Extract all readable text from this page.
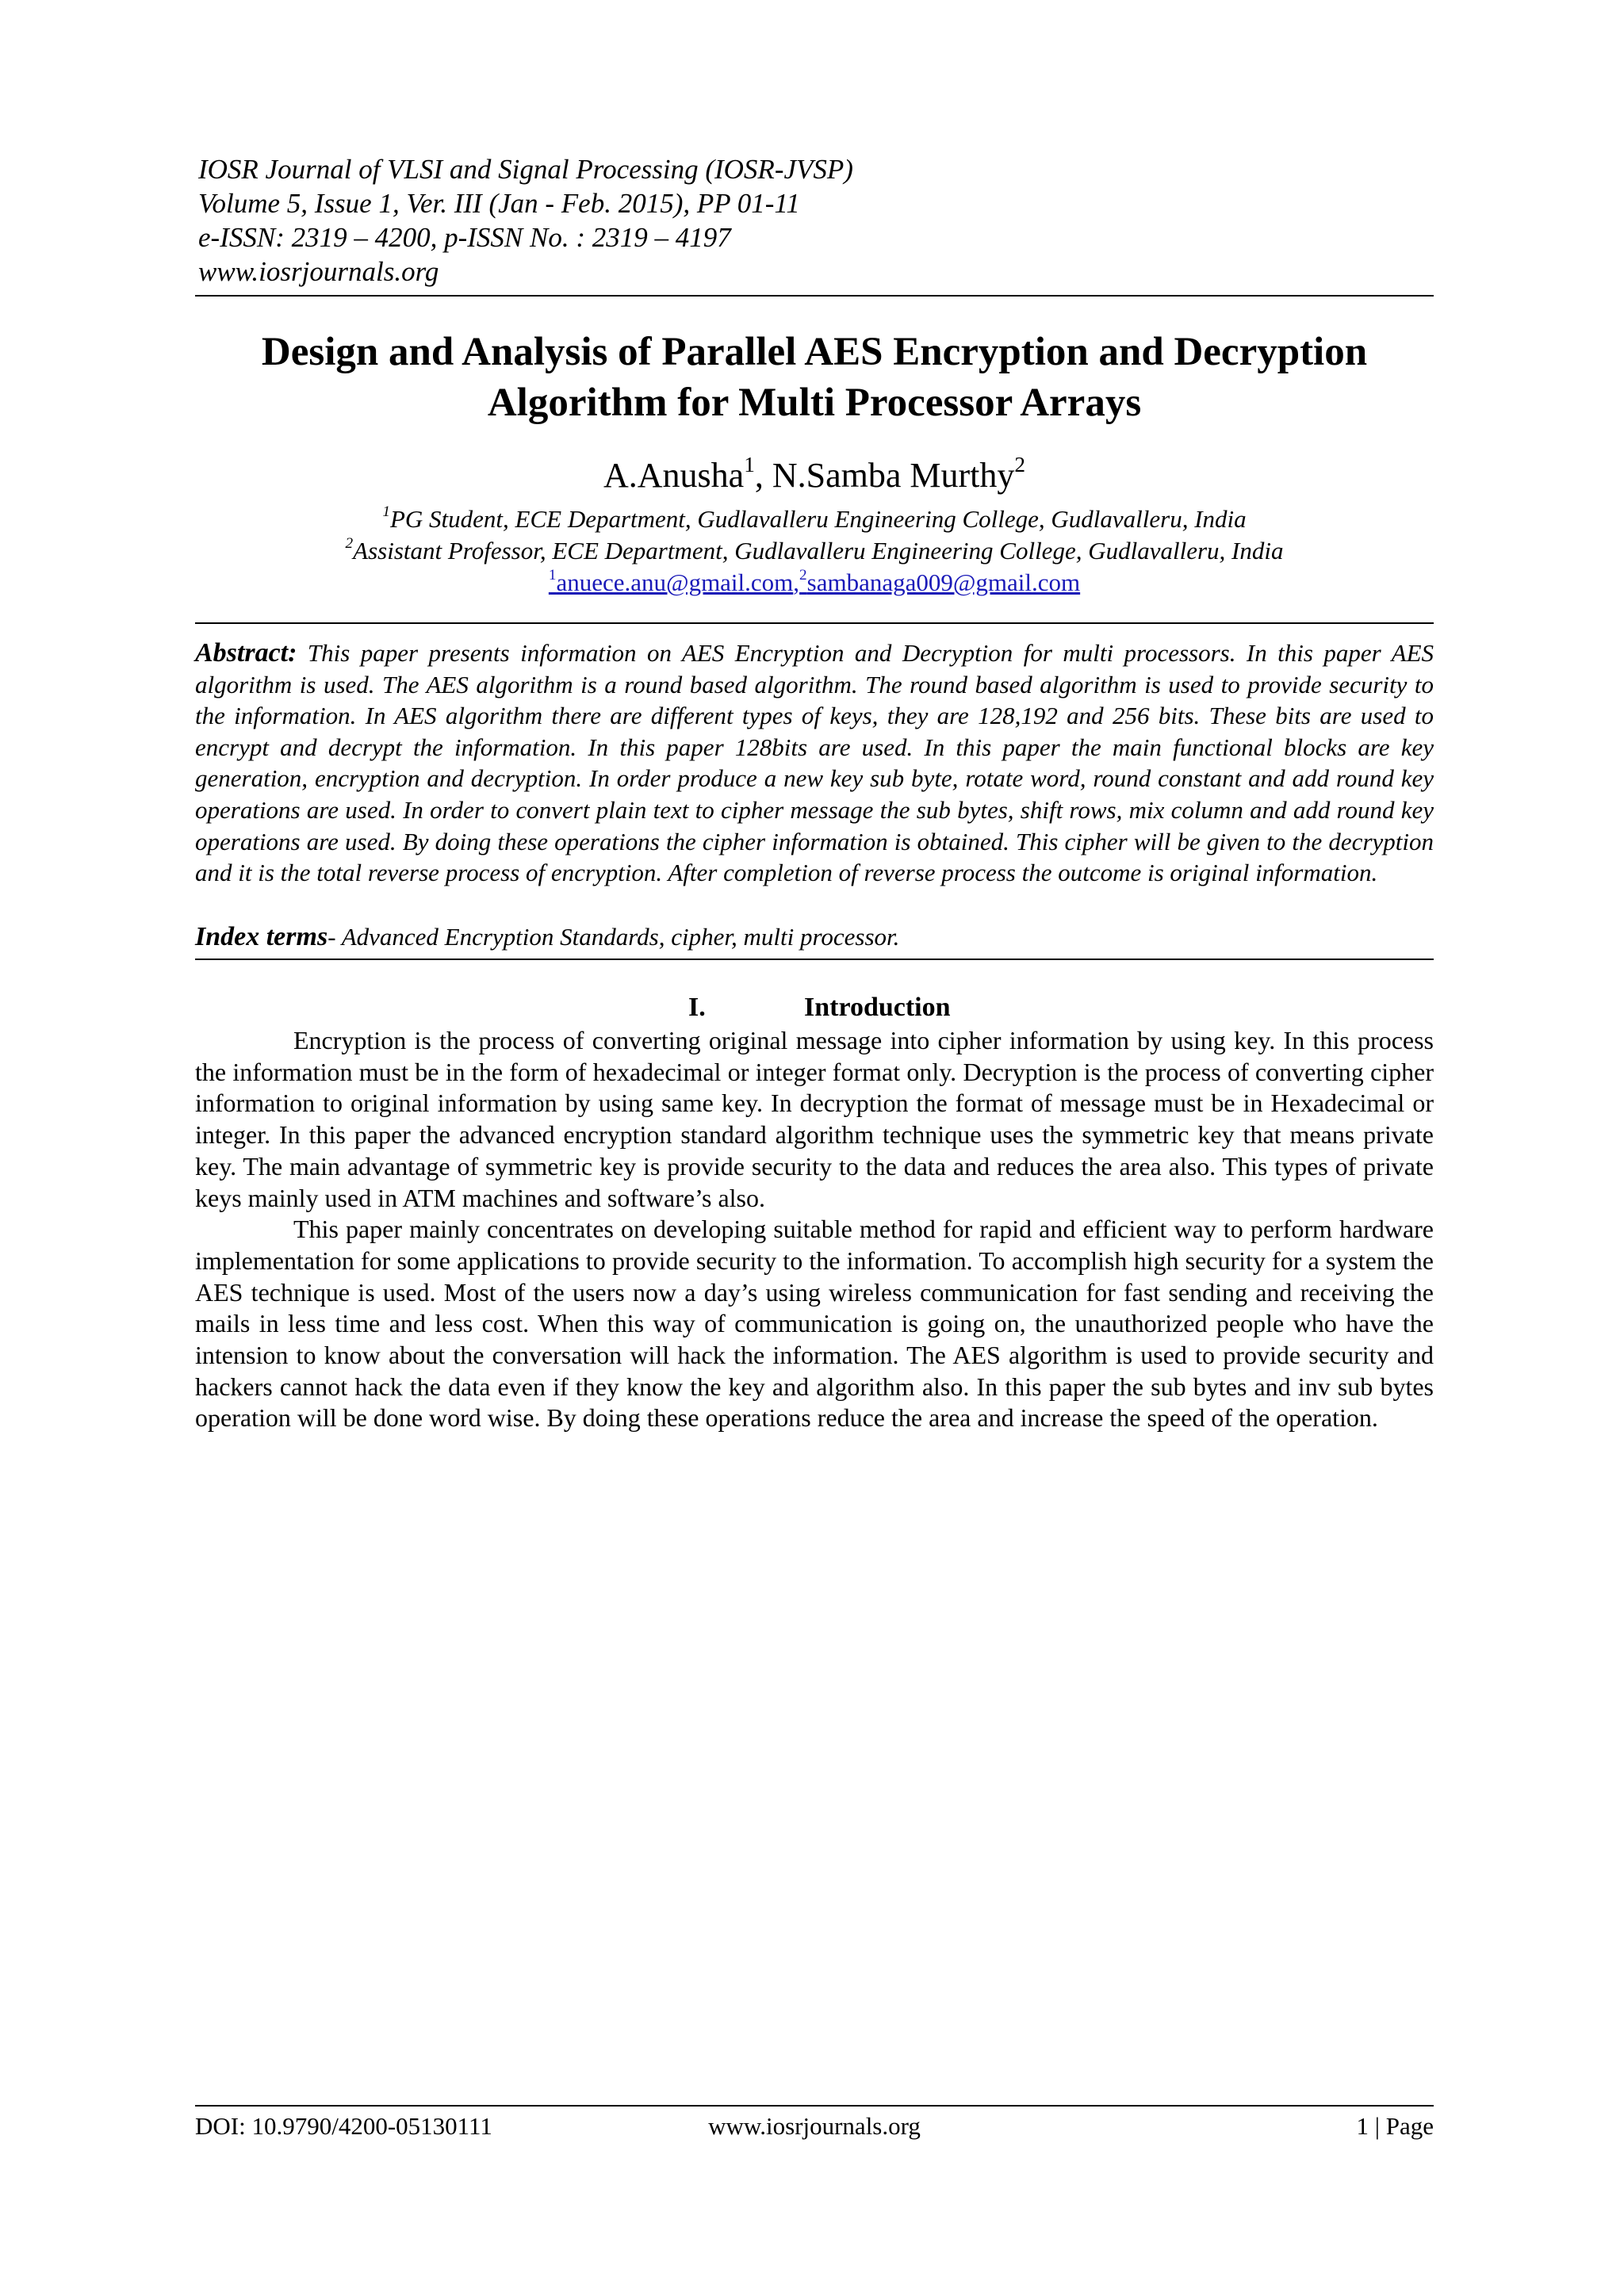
IOSR Journal of VLSI and Signal Processing (IOSR-JVSP)
Volume 5, Issue 1, Ver. III (Jan - Feb. 2015), PP 01-11
e-ISSN: 2319 – 4200, p-ISSN No. : 2319 – 4197
www.iosrjournals.org
Design and Analysis of Parallel AES Encryption and Decryption
Algorithm for Multi Processor Arrays
A.Anusha$^1$, N.Samba Murthy$^2$
$^1$PG Student, ECE Department, Gudlavalleru Engineering College, Gudlavalleru, India
$^2$Assistant Professor, ECE Department, Gudlavalleru Engineering College, Gudlavalleru, India
$^1$anuece.anu@gmail.com,$^2$sambanaga009@gmail.com
Abstract: This paper presents information on AES Encryption and Decryption for multi processors. In this paper AES algorithm is used. The AES algorithm is a round based algorithm. The round based algorithm is used to provide security to the information. In AES algorithm there are different types of keys, they are 128,192 and 256 bits. These bits are used to encrypt and decrypt the information. In this paper 128bits are used. In this paper the main functional blocks are key generation, encryption and decryption. In order produce a new key sub byte, rotate word, round constant and add round key operations are used. In order to convert plain text to cipher message the sub bytes, shift rows, mix column and add round key operations are used. By doing these operations the cipher information is obtained. This cipher will be given to the decryption and it is the total reverse process of encryption. After completion of reverse process the outcome is original information.
Index terms- Advanced Encryption Standards, cipher, multi processor.
I.	Introduction

Encryption is the process of converting original message into cipher information by using key. In this process the information must be in the form of hexadecimal or integer format only. Decryption is the process of converting cipher information to original information by using same key. In decryption the format of message must be in Hexadecimal or integer. In this paper the advanced encryption standard algorithm technique uses the symmetric key that means private key. The main advantage of symmetric key is provide security to the data and reduces the area also. This types of private keys mainly used in ATM machines and software’s also.

This paper mainly concentrates on developing suitable method for rapid and efficient way to perform hardware implementation for some applications to provide security to the information. To accomplish high security for a system the AES technique is used. Most of the users now a day’s using wireless communication for fast sending and receiving the mails in less time and less cost. When this way of communication is going on, the unauthorized people who have the intension to know about the conversation will hack the information. The AES algorithm is used to provide security and hackers cannot hack the data even if they know the key and algorithm also. In this paper the sub bytes and inv sub bytes operation will be done word wise. By doing these operations reduce the area and increase the speed of the operation.

DOI: 10.9790/4200-05130111	www.iosrjournals.org	1 | Page
